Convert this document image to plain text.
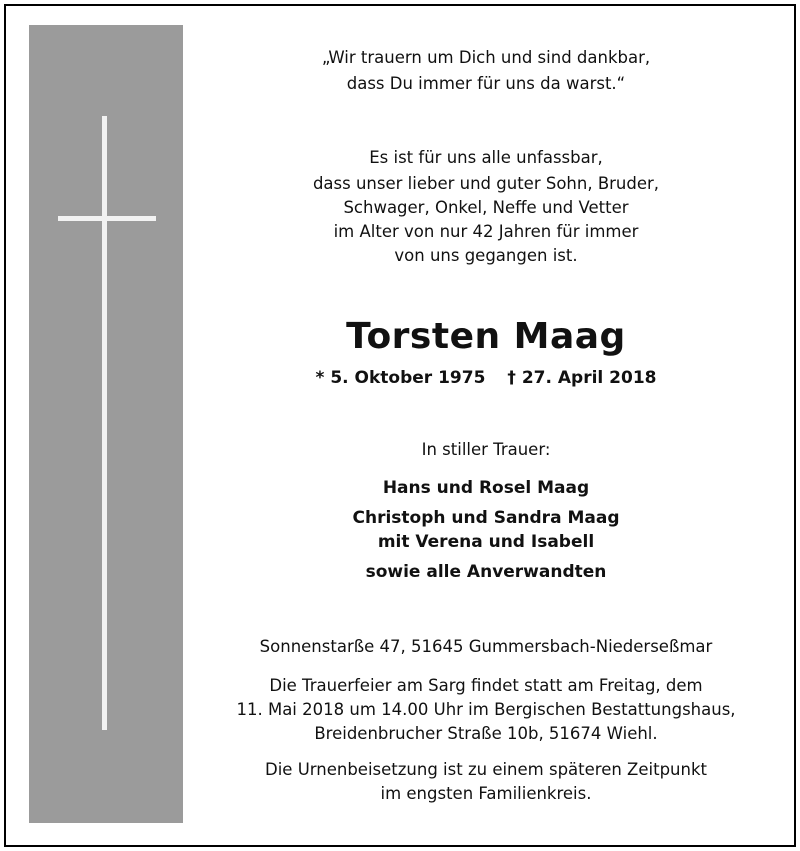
„Wir trauern um Dich und sind dankbar,
dass Du immer für uns da warst.“
Es ist für uns alle unfassbar,
dass unser lieber und guter Sohn, Bruder,
Schwager, Onkel, Neffe und Vetter
im Alter von nur 42 Jahren für immer
von uns gegangen ist.
Torsten Maag
* 5. Oktober 1975 † 27. April 2018
In stiller Trauer:
Hans und Rosel Maag
Christoph und Sandra Maag
mit Verena und Isabell
sowie alle Anverwandten
Sonnenstarße 47, 51645 Gummersbach-Niederseßmar
Die Trauerfeier am Sarg findet statt am Freitag, dem
11. Mai 2018 um 14.00 Uhr im Bergischen Bestattungshaus,
Breidenbrucher Straße 10b, 51674 Wiehl.
Die Urnenbeisetzung ist zu einem späteren Zeitpunkt
im engsten Familienkreis.
